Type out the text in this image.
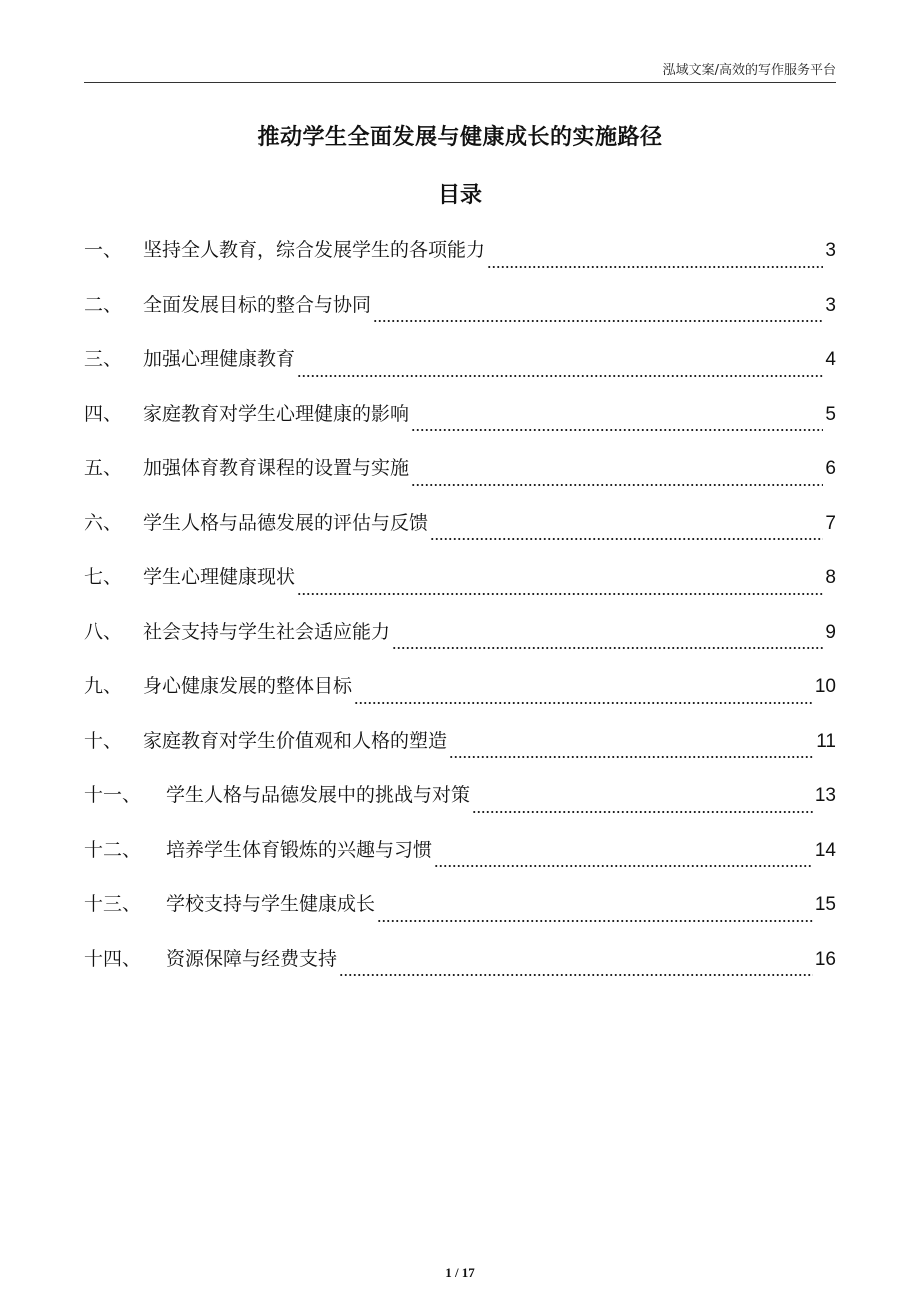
泓域文案/高效的写作服务平台
推动学生全面发展与健康成长的实施路径
目录
一、	坚持全人教育，综合发展学生的各项能力	3
二、	全面发展目标的整合与协同	3
三、	加强心理健康教育	4
四、	家庭教育对学生心理健康的影响	5
五、	加强体育教育课程的设置与实施	6
六、	学生人格与品德发展的评估与反馈	7
七、	学生心理健康现状	8
八、	社会支持与学生社会适应能力	9
九、	身心健康发展的整体目标	10
十、	家庭教育对学生价值观和人格的塑造	11
十一、	学生人格与品德发展中的挑战与对策	13
十二、	培养学生体育锻炼的兴趣与习惯	14
十三、	学校支持与学生健康成长	15
十四、	资源保障与经费支持	16
1 / 17
